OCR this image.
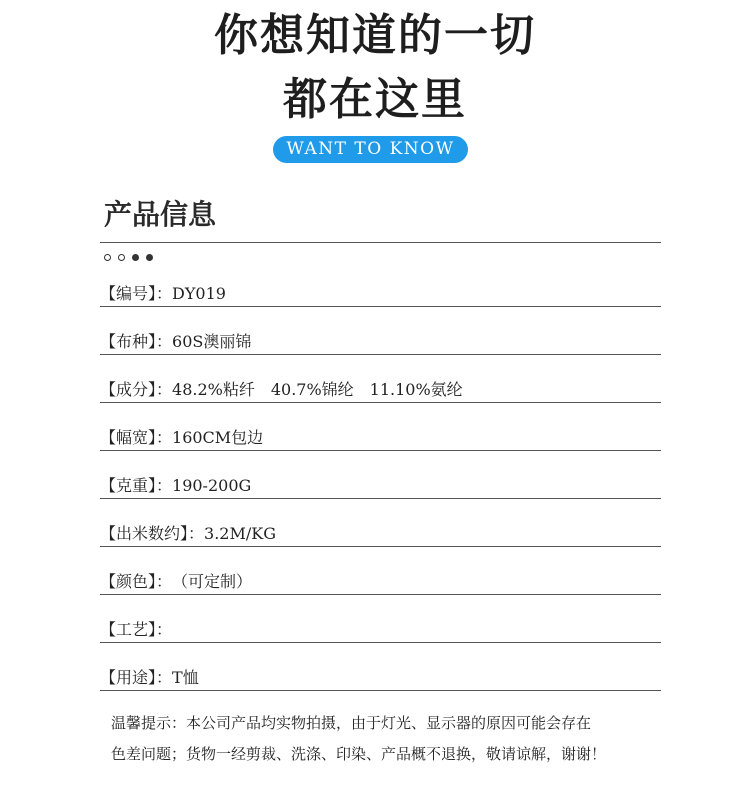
你想知道的一切
都在这里
WANT TO KNOW
产品信息
【编号】：DY019
【布种】：60S澳丽锦
【成分】：48.2%粘纤　40.7%锦纶　11.10%氨纶
【幅宽】：160CM包边
【克重】：190-200G
【出米数约】：3.2M/KG
【颜色】：（可定制）
【工艺】：
【用途】：T恤

温馨提示：本公司产品均实物拍摄，由于灯光、显示器的原因可能会存在

色差问题；货物一经剪裁、洗涤、印染、产品概不退换，敬请谅解，谢谢！
